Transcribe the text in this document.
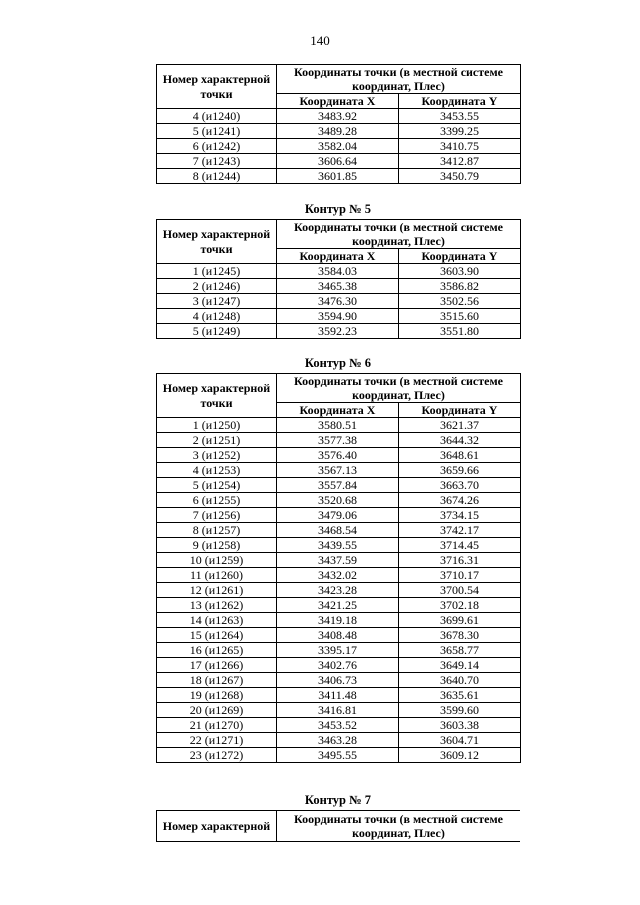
140
Номер характерной точки	Координаты точки (в местной системе координат, Плес)	
	Координата X	Координата Y
4 (и1240)	3483.92	3453.55
5 (и1241)	3489.28	3399.25
6 (и1242)	3582.04	3410.75
7 (и1243)	3606.64	3412.87
8 (и1244)	3601.85	3450.79
Контур № 5
Номер характерной точки	Координаты точки (в местной системе координат, Плес)	
	Координата X	Координата Y
1 (и1245)	3584.03	3603.90
2 (и1246)	3465.38	3586.82
3 (и1247)	3476.30	3502.56
4 (и1248)	3594.90	3515.60
5 (и1249)	3592.23	3551.80
Контур № 6
Номер характерной точки	Координаты точки (в местной системе координат, Плес)	
	Координата X	Координата Y
1 (и1250)	3580.51	3621.37
2 (и1251)	3577.38	3644.32
3 (и1252)	3576.40	3648.61
4 (и1253)	3567.13	3659.66
5 (и1254)	3557.84	3663.70
6 (и1255)	3520.68	3674.26
7 (и1256)	3479.06	3734.15
8 (и1257)	3468.54	3742.17
9 (и1258)	3439.55	3714.45
10 (и1259)	3437.59	3716.31
11 (и1260)	3432.02	3710.17
12 (и1261)	3423.28	3700.54
13 (и1262)	3421.25	3702.18
14 (и1263)	3419.18	3699.61
15 (и1264)	3408.48	3678.30
16 (и1265)	3395.17	3658.77
17 (и1266)	3402.76	3649.14
18 (и1267)	3406.73	3640.70
19 (и1268)	3411.48	3635.61
20 (и1269)	3416.81	3599.60
21 (и1270)	3453.52	3603.38
22 (и1271)	3463.28	3604.71
23 (и1272)	3495.55	3609.12
Контур № 7
Номер характерной	Координаты точки (в местной системе координат, Плес)
